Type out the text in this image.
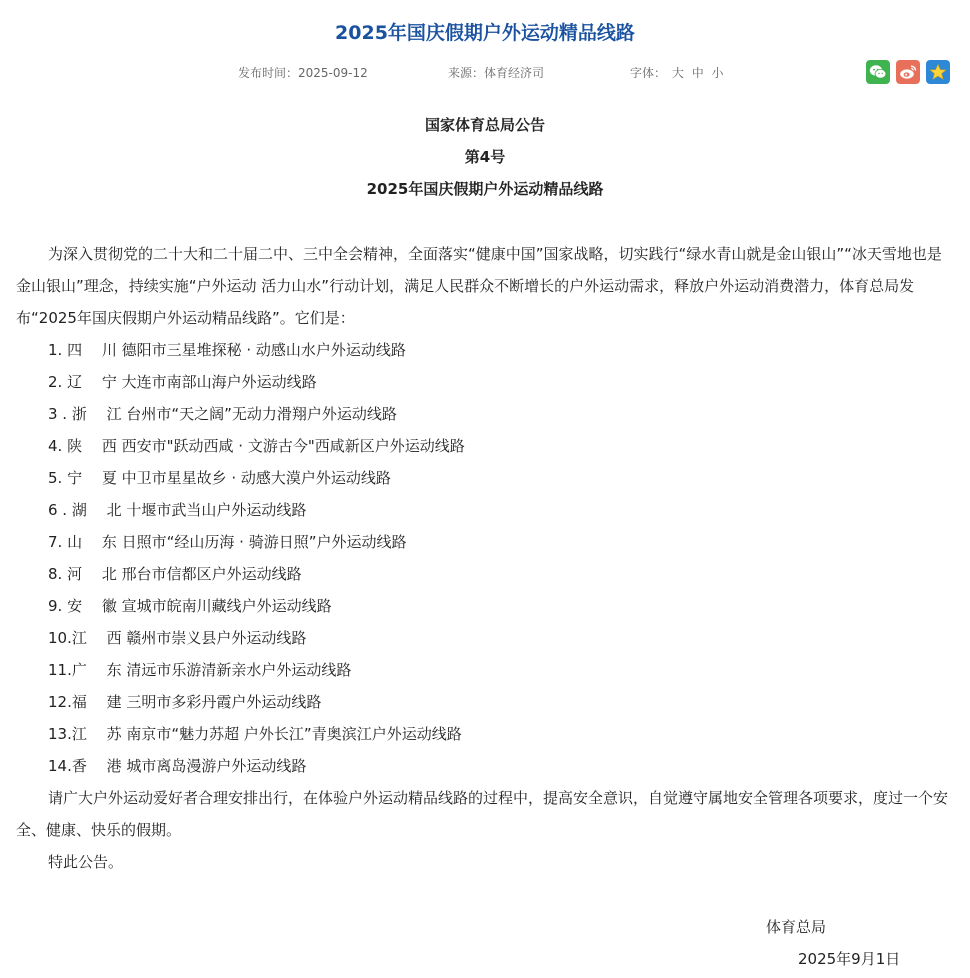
2025年国庆假期户外运动精品线路
发布时间：2025-09-12	来源：体育经济司	字体： 大 中 小
国家体育总局公告
第4号
2025年国庆假期户外运动精品线路

为深入贯彻党的二十大和二十届二中、三中全会精神，全面落实“健康中国”国家战略，切实践行“绿水青山就是金山银山”“冰天雪地也是金山银山”理念，持续实施“户外运动 活力山水”行动计划，满足人民群众不断增长的户外运动需求，释放户外运动消费潜力，体育总局发布“2025年国庆假期户外运动精品线路”。它们是：

1. 四　 川 德阳市三星堆探秘 · 动感山水户外运动线路

2. 辽　 宁 大连市南部山海户外运动线路

3 . 浙　 江 台州市“天之阔”无动力滑翔户外运动线路

4. 陕　 西 西安市"跃动西咸 · 文游古今"西咸新区户外运动线路

5. 宁　 夏 中卫市星星故乡 · 动感大漠户外运动线路

6 . 湖　 北 十堰市武当山户外运动线路

7. 山　 东 日照市“经山历海 · 骑游日照”户外运动线路

8. 河　 北 邢台市信都区户外运动线路

9. 安　 徽 宣城市皖南川藏线户外运动线路

10.江　 西 赣州市崇义县户外运动线路

11.广　 东 清远市乐游清新亲水户外运动线路

12.福　 建 三明市多彩丹霞户外运动线路

13.江　 苏 南京市“魅力苏超 户外长江”青奥滨江户外运动线路

14.香　 港 城市离岛漫游户外运动线路

请广大户外运动爱好者合理安排出行，在体验户外运动精品线路的过程中，提高安全意识，自觉遵守属地安全管理各项要求，度过一个安全、健康、快乐的假期。

特此公告。

体育总局
2025年9月1日
